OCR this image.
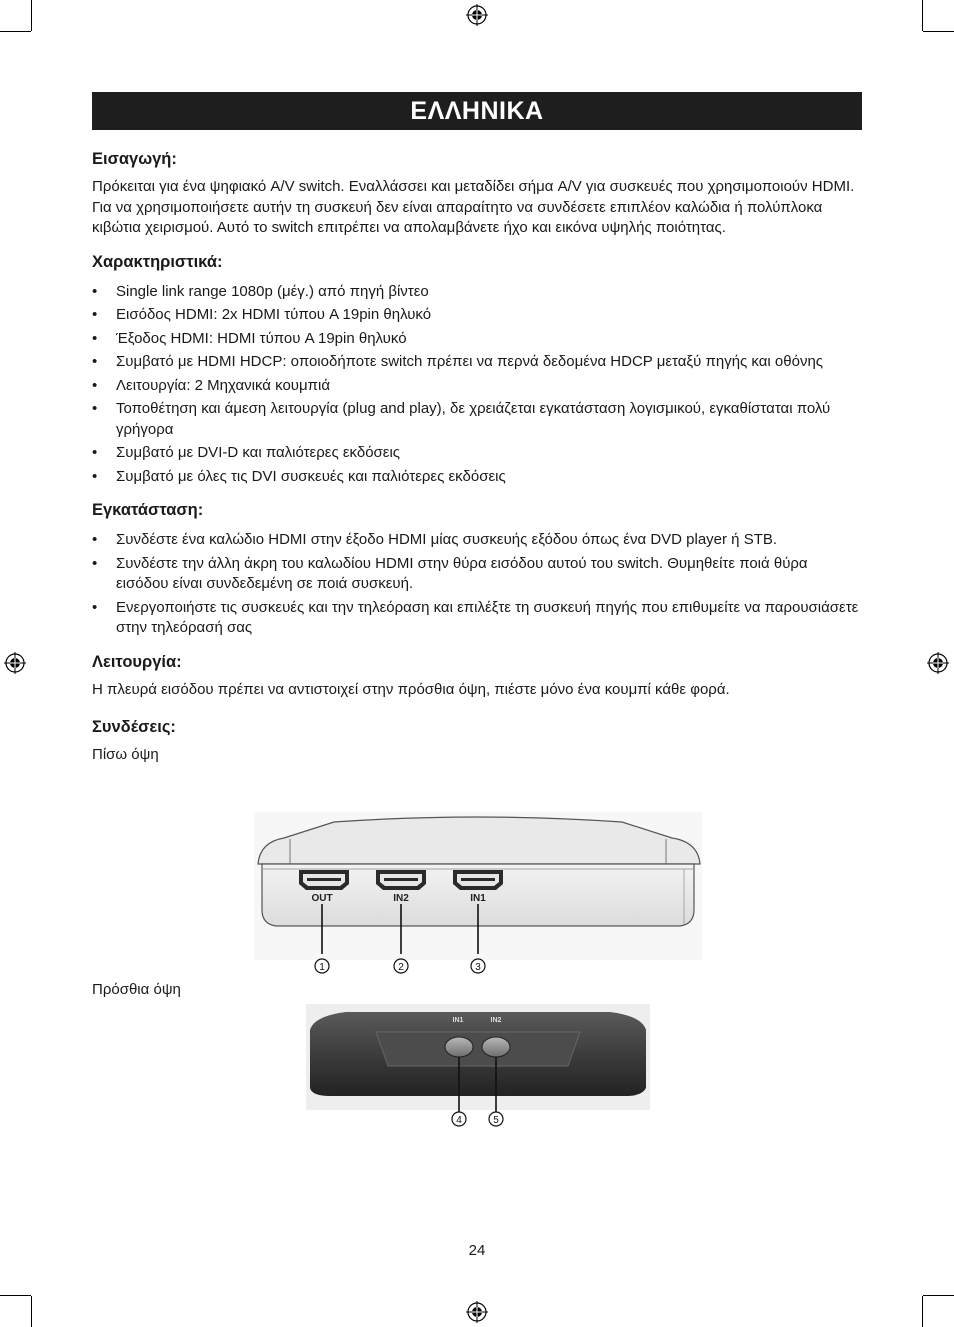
ΕΛΛΗΝΙΚΑ
Εισαγωγή:

Πρόκειται για ένα ψηφιακό A/V switch. Εναλλάσσει και μεταδίδει σήμα A/V για συσκευές που χρησιμοποιούν HDMI. Για να χρησιμοποιήσετε αυτήν τη συσκευή δεν είναι απαραίτητο να συνδέσετε επιπλέον καλώδια ή πολύπλοκα κιβώτια χειρισμού. Αυτό το switch επιτρέπει να απολαμβάνετε ήχο και εικόνα υψηλής ποιότητας.

Χαρακτηριστικά:
• Single link range 1080p (μέγ.) από πηγή βίντεο
• Εισόδος HDMI: 2x HDMI τύπου A 19pin θηλυκό
• Έξοδος HDMI: HDMI τύπου A 19pin θηλυκό
• Συμβατό με HDMI HDCP: οποιοδήποτε switch πρέπει να περνά δεδομένα HDCP μεταξύ πηγής και οθόνης
• Λειτουργία: 2 Μηχανικά κουμπιά
• Τοποθέτηση και άμεση λειτουργία (plug and play), δε χρειάζεται εγκατάσταση λογισμικού, εγκαθίσταται πολύ γρήγορα
• Συμβατό με DVI-D και παλιότερες εκδόσεις
• Συμβατό με όλες τις DVI συσκευές και παλιότερες εκδόσεις
Εγκατάσταση:
• Συνδέστε ένα καλώδιο HDMI στην έξοδο HDMI μίας συσκευής εξόδου όπως ένα DVD player ή STB.
• Συνδέστε την άλλη άκρη του καλωδίου HDMI στην θύρα εισόδου αυτού του switch. Θυμηθείτε ποιά θύρα εισόδου είναι συνδεδεμένη σε ποιά συσκευή.
• Ενεργοποιήστε τις συσκευές και την τηλεόραση και επιλέξτε τη συσκευή πηγής που επιθυμείτε να παρουσιάσετε στην τηλεόρασή σας
Λειτουργία:

Η πλευρά εισόδου πρέπει να αντιστοιχεί στην πρόσθια όψη, πιέστε μόνο ένα κουμπί κάθε φορά.

Συνδέσεις:

Πίσω όψη

OUT	IN2	IN1
1	2	3
Πρόσθια όψη
IN1	IN2
4	5
24
